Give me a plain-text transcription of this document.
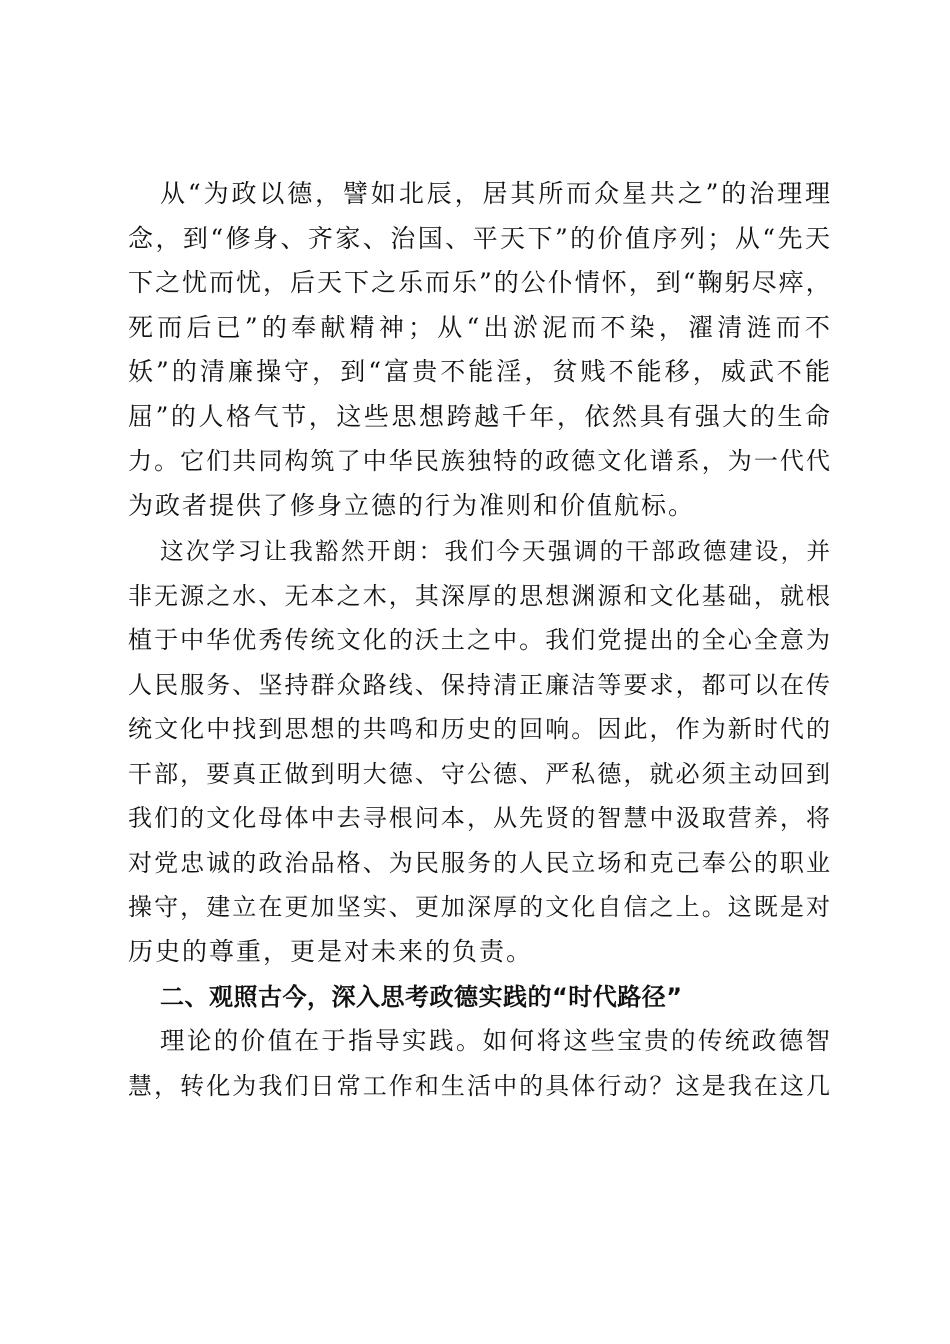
从“为政以德，譬如北辰，居其所而众星共之”的治理理
念，到“修身、齐家、治国、平天下”的价值序列；从“先天
下之忧而忧，后天下之乐而乐”的公仆情怀，到“鞠躬尽瘁，
死而后已”的奉献精神；从“出淤泥而不染，濯清涟而不
妖”的清廉操守，到“富贵不能淫，贫贱不能移，威武不能
屈”的人格气节，这些思想跨越千年，依然具有强大的生命
力。它们共同构筑了中华民族独特的政德文化谱系，为一代代
为政者提供了修身立德的行为准则和价值航标。
这次学习让我豁然开朗：我们今天强调的干部政德建设，并
非无源之水、无本之木，其深厚的思想渊源和文化基础，就根
植于中华优秀传统文化的沃土之中。我们党提出的全心全意为
人民服务、坚持群众路线、保持清正廉洁等要求，都可以在传
统文化中找到思想的共鸣和历史的回响。因此，作为新时代的
干部，要真正做到明大德、守公德、严私德，就必须主动回到
我们的文化母体中去寻根问本，从先贤的智慧中汲取营养，将
对党忠诚的政治品格、为民服务的人民立场和克己奉公的职业
操守，建立在更加坚实、更加深厚的文化自信之上。这既是对
历史的尊重，更是对未来的负责。
二、观照古今，深入思考政德实践的“时代路径”
理论的价值在于指导实践。如何将这些宝贵的传统政德智
慧，转化为我们日常工作和生活中的具体行动？这是我在这几
